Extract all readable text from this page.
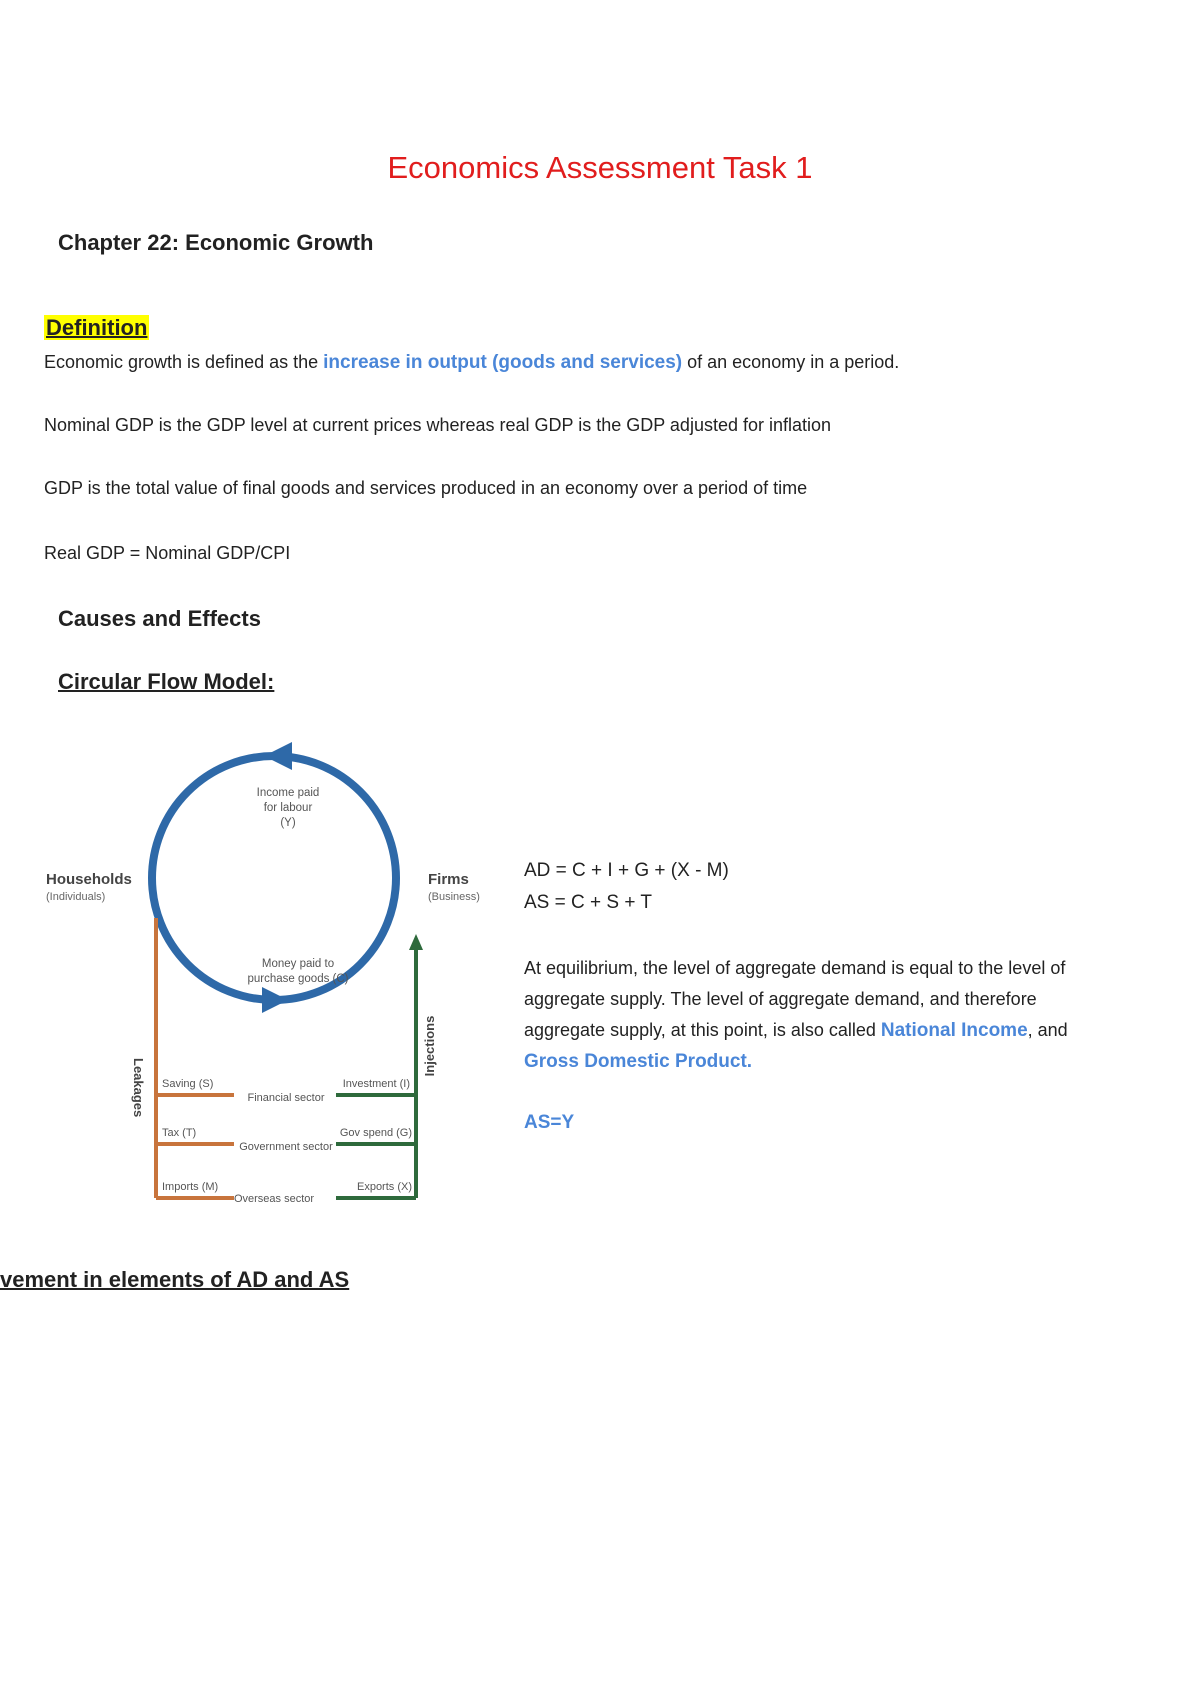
Economics Assessment Task 1
Chapter 22: Economic Growth
Definition
Economic growth is defined as the increase in output (goods and services) of an economy in a period.
Nominal GDP is the GDP level at current prices whereas real GDP is the GDP adjusted for inflation
GDP is the total value of final goods and services produced in an economy over a period of time
Real GDP = Nominal GDP/CPI
Causes and Effects
Circular Flow Model:
Income paid
for labour
(Y)
Money paid to
purchase goods (C)
Households
(Individuals)
Firms
(Business)
Leakages Saving (S)
Tax (T)
Imports (M)
Financial sector
Government sector
Overseas sector
Injections
Investment (I)
Gov spend (G)
Exports (X)
AD = C + I + G + (X - M)
AS = C + S + T
At equilibrium, the level of aggregate demand is equal to the level of aggregate supply. The level of aggregate demand, and therefore aggregate supply, at this point, is also called National Income, and Gross Domestic Product.
AS=Y
vement in elements of AD and AS
